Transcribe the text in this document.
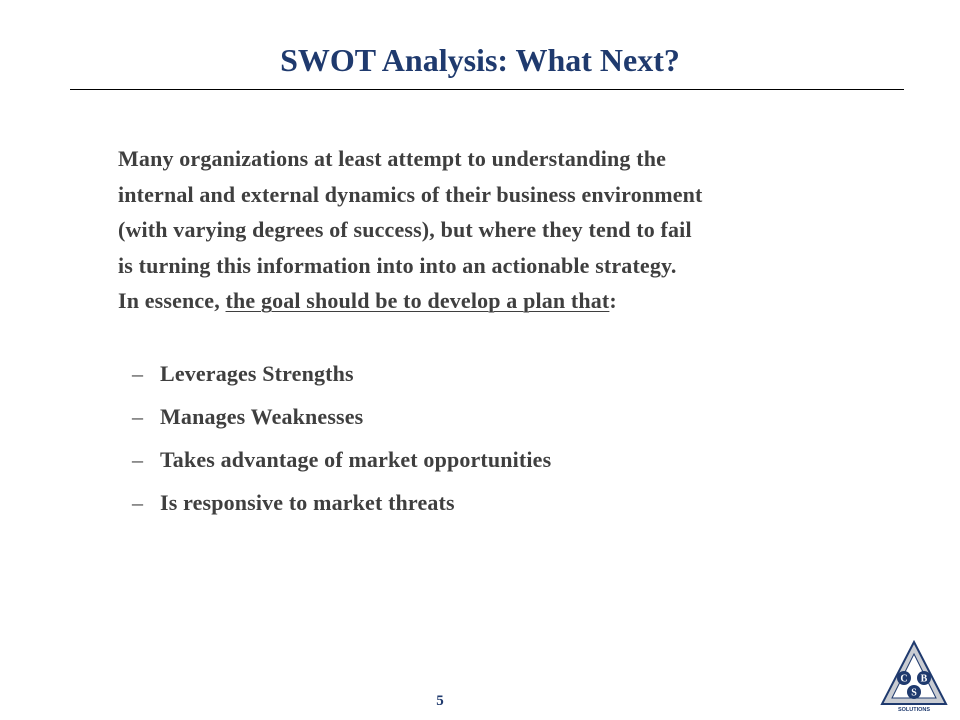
SWOT Analysis: What Next?
Many organizations at least attempt to understanding the
internal and external dynamics of their business environment
(with varying degrees of success), but where they tend to fail
is turning this information into into an actionable strategy.
In essence, the goal should be to develop a plan that:
– Leverages Strengths
– Manages Weaknesses
– Takes advantage of market opportunities
– Is responsive to market threats
5
C B
S
SOLUTIONS
